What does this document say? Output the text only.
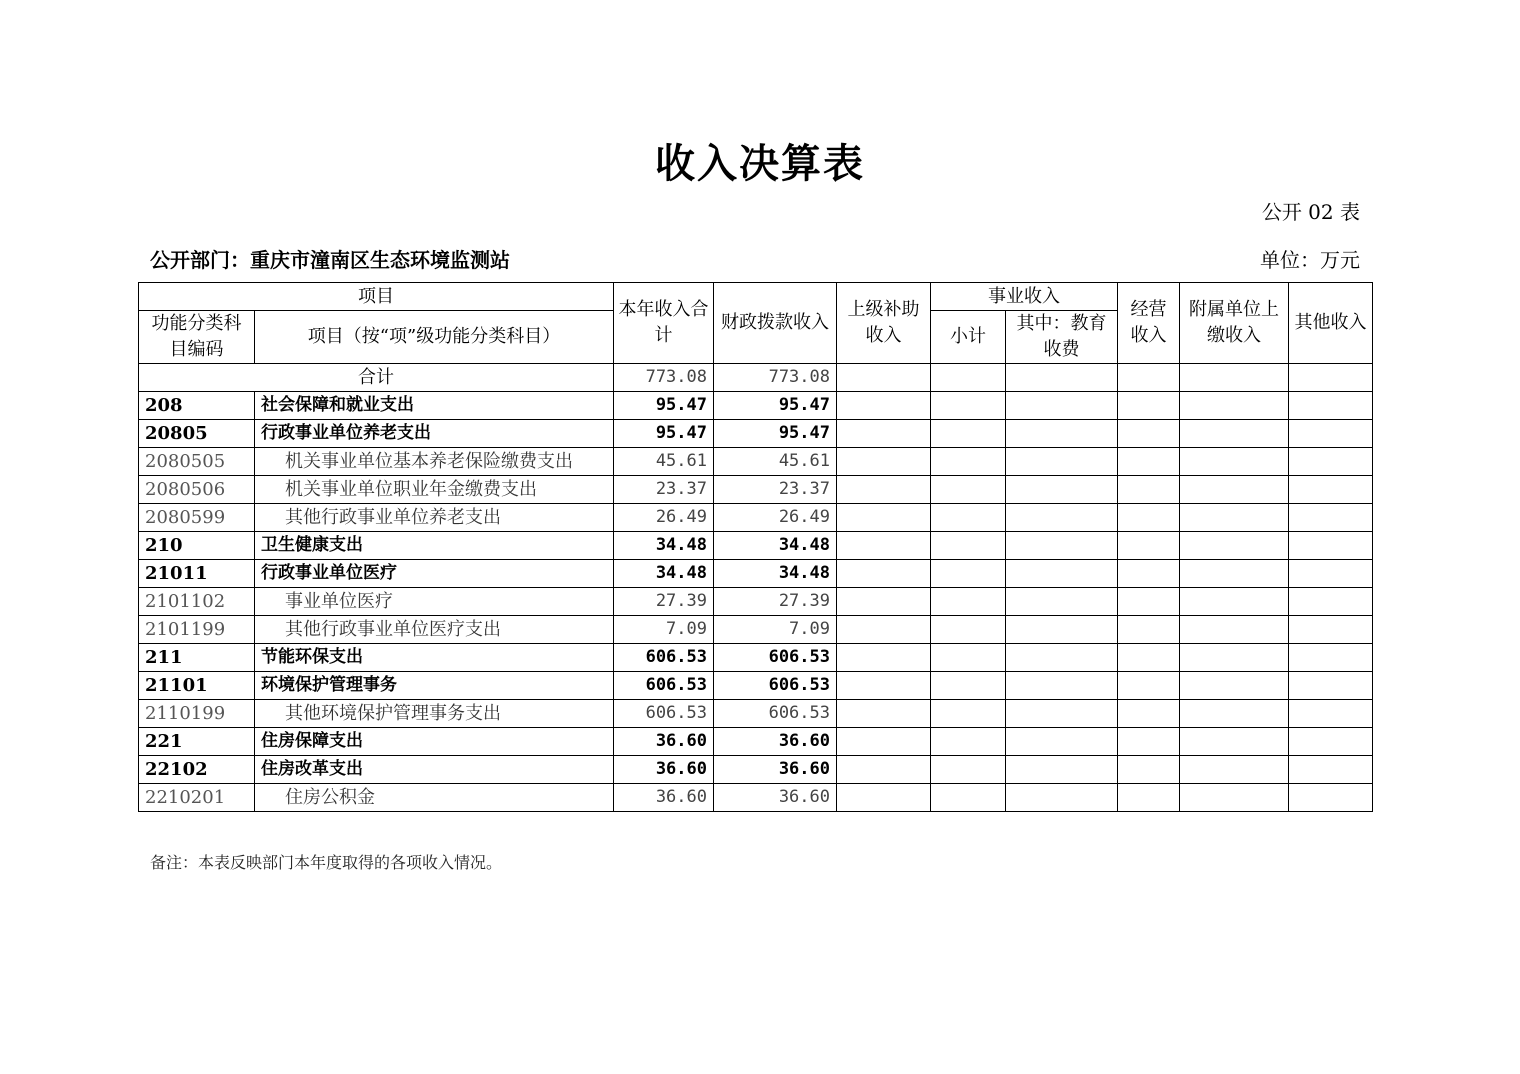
收入决算表
公开 02 表
公开部门：重庆市潼南区生态环境监测站	单位：万元
项目		本年收入合计	财政拨款收入	上级补助收入	事业收入		经营收入	附属单位上缴收入	其他收入
功能分类科目编码	项目（按“项”级功能分类科目）				小计	其中：教育收费			
合计		773.08	773.08						
208	社会保障和就业支出	95.47	95.47						
20805	行政事业单位养老支出	95.47	95.47						
2080505	机关事业单位基本养老保险缴费支出	45.61	45.61						
2080506	机关事业单位职业年金缴费支出	23.37	23.37						
2080599	其他行政事业单位养老支出	26.49	26.49						
210	卫生健康支出	34.48	34.48						
21011	行政事业单位医疗	34.48	34.48						
2101102	事业单位医疗	27.39	27.39						
2101199	其他行政事业单位医疗支出	7.09	7.09						
211	节能环保支出	606.53	606.53						
21101	环境保护管理事务	606.53	606.53						
2110199	其他环境保护管理事务支出	606.53	606.53						
221	住房保障支出	36.60	36.60						
22102	住房改革支出	36.60	36.60						
2210201	住房公积金	36.60	36.60						
备注：本表反映部门本年度取得的各项收入情况。
